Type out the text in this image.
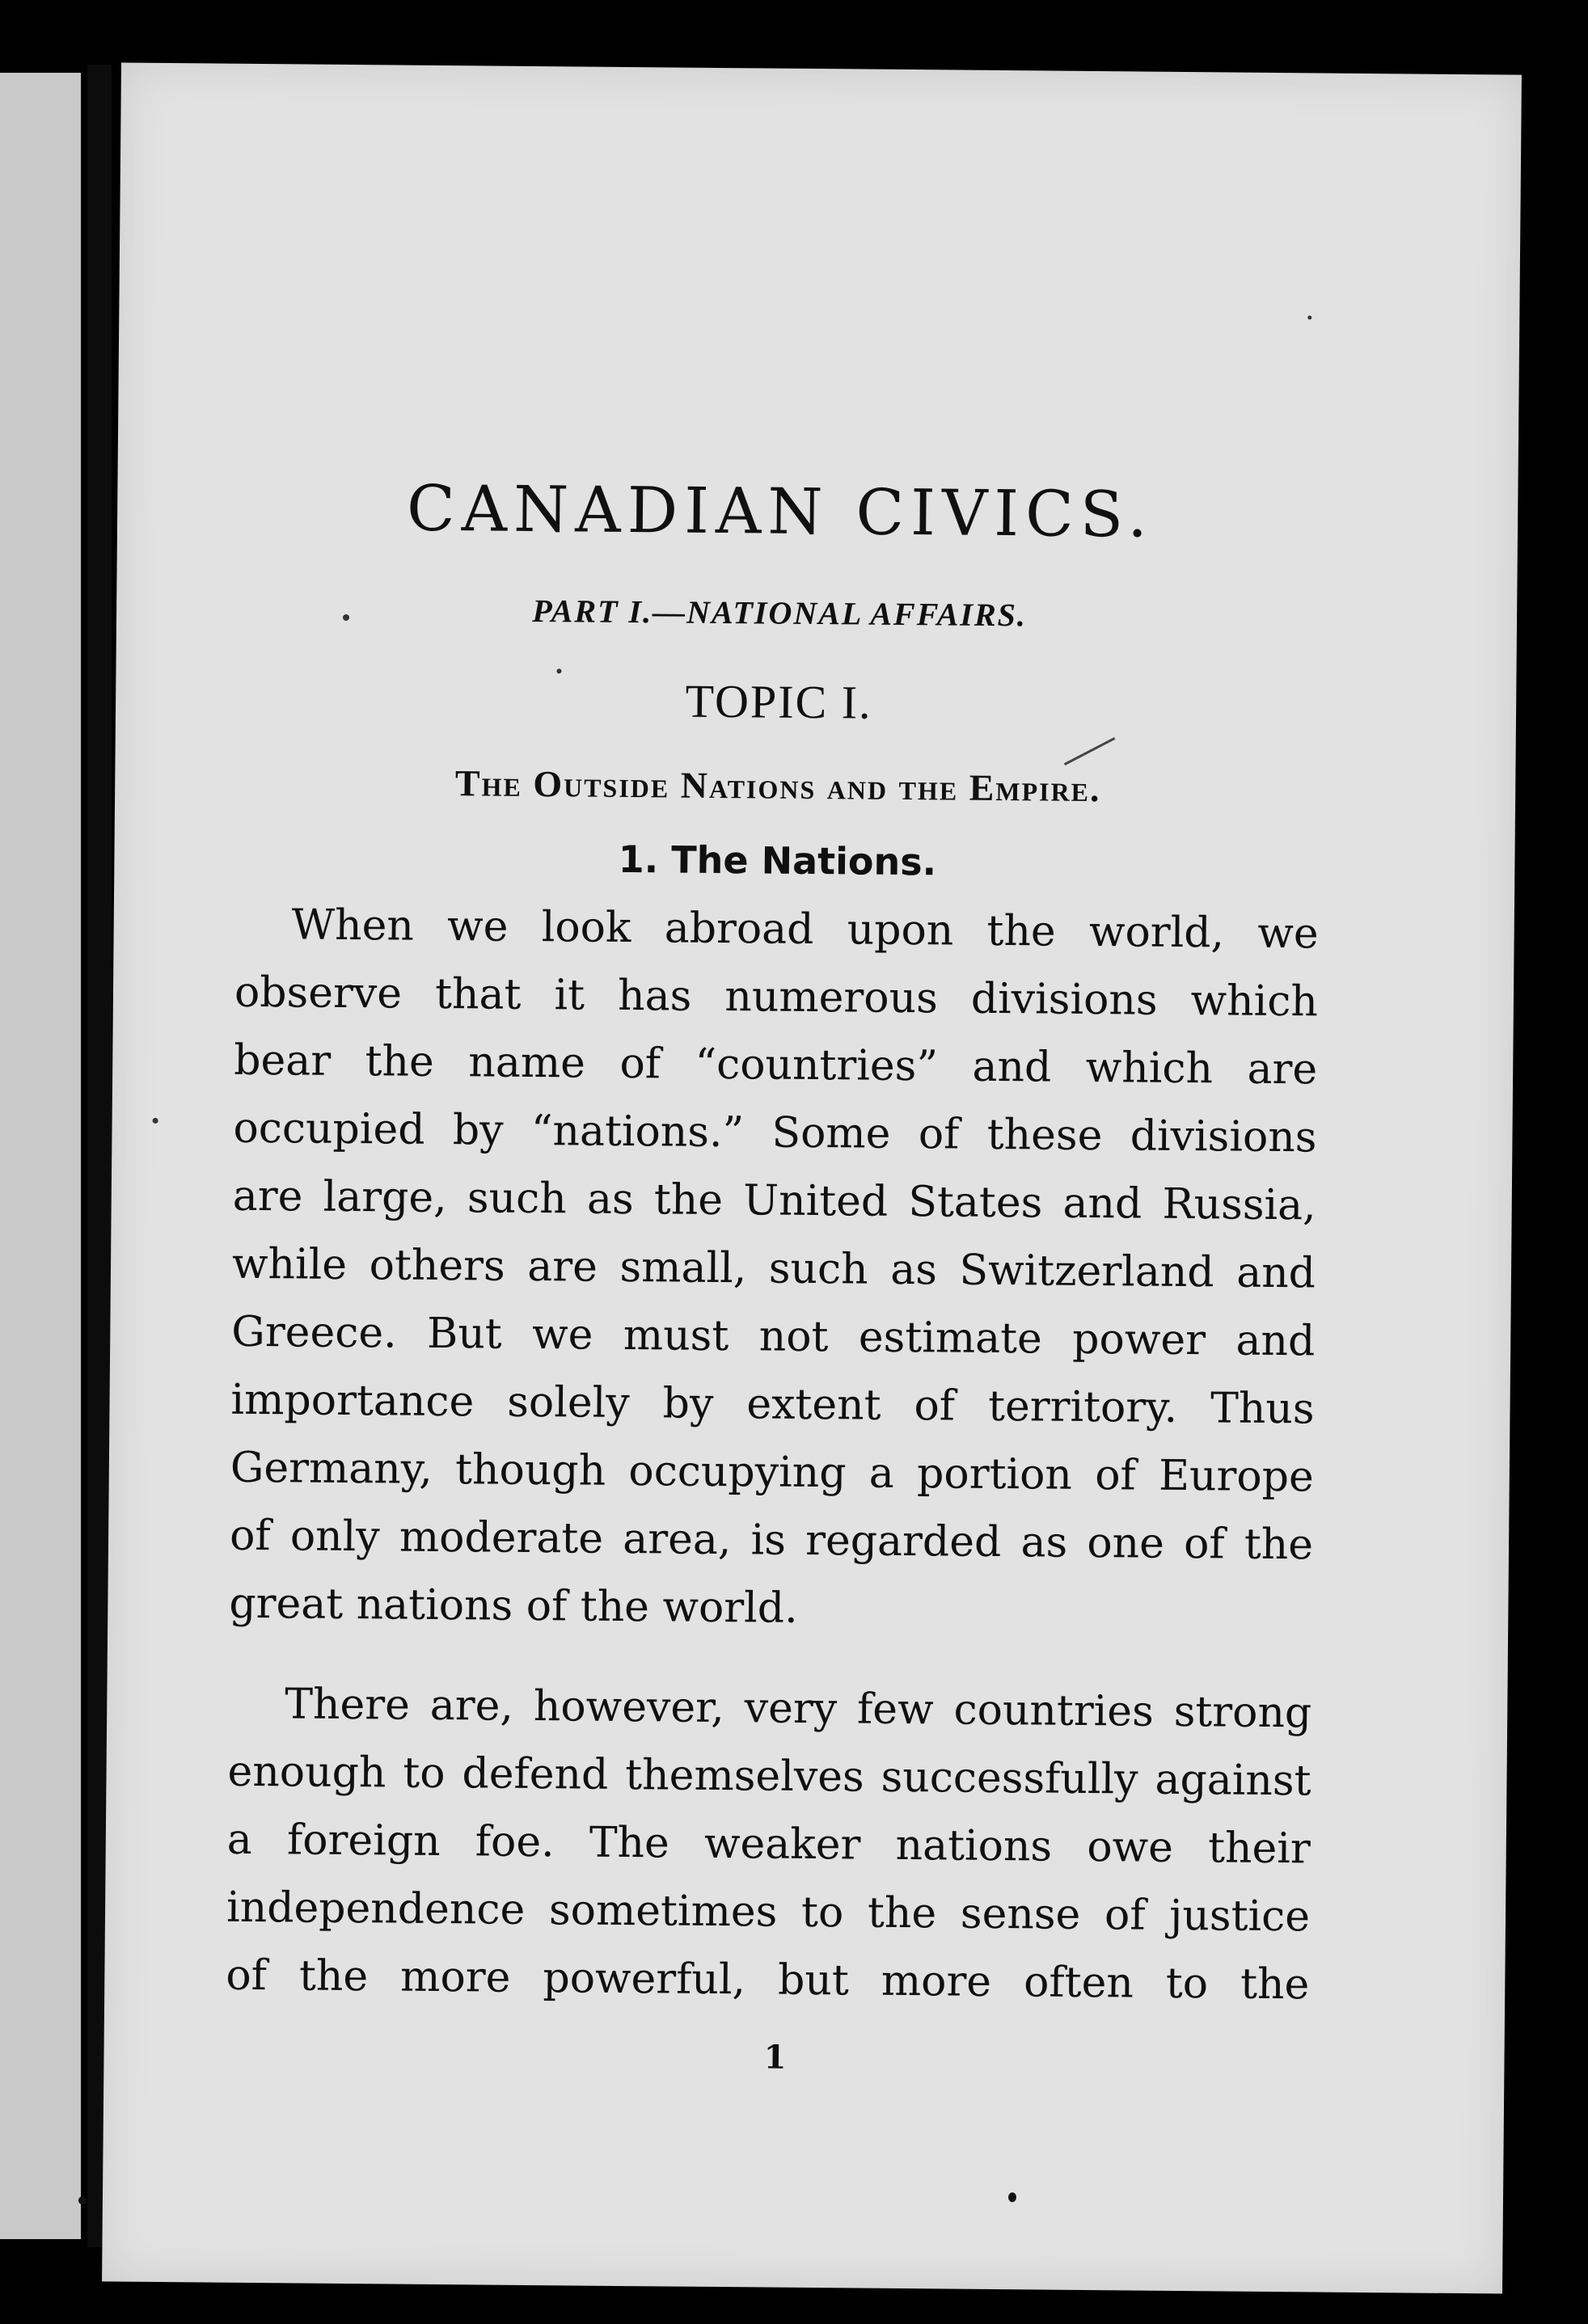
CANADIAN CIVICS.
PART I.—NATIONAL AFFAIRS.
TOPIC I.
The Outside Nations and the Empire.
1. The Nations.
When we look abroad upon the world, we
observe that it has numerous divisions which
bear the name of “countries” and which are
occupied by “nations.” Some of these divisions
are large, such as the United States and Russia,
while others are small, such as Switzerland and
Greece. But we must not estimate power and
importance solely by extent of territory. Thus
Germany, though occupying a portion of Europe
of only moderate area, is regarded as one of the
great nations of the world.
There are, however, very few countries strong
enough to defend themselves successfully against
a foreign foe. The weaker nations owe their
independence sometimes to the sense of justice
of the more powerful, but more often to the
1
